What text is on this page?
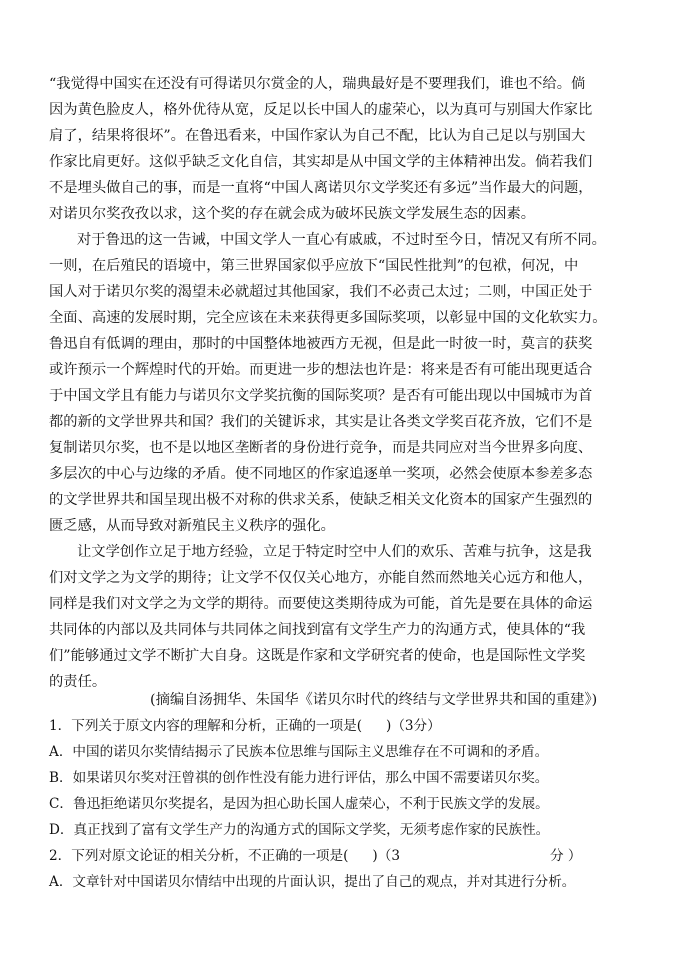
“我觉得中国实在还没有可得诺贝尔赏金的人，瑞典最好是不要理我们，谁也不给。倘
因为黄色脸皮人，格外优待从宽，反足以长中国人的虚荣心，以为真可与别国大作家比
肩了，结果将很坏”。在鲁迅看来，中国作家认为自己不配，比认为自己足以与别国大
作家比肩更好。这似乎缺乏文化自信，其实却是从中国文学的主体精神出发。倘若我们
不是埋头做自己的事，而是一直将“中国人离诺贝尔文学奖还有多远”当作最大的问题，
对诺贝尔奖孜孜以求，这个奖的存在就会成为破坏民族文学发展生态的因素。
对于鲁迅的这一告诫，中国文学人一直心有戚戚，不过时至今日，情况又有所不同。
一则，在后殖民的语境中，第三世界国家似乎应放下“国民性批判”的包袱，何况，中
国人对于诺贝尔奖的渴望未必就超过其他国家，我们不必责己太过；二则，中国正处于
全面、高速的发展时期，完全应该在未来获得更多国际奖项，以彰显中国的文化软实力。
鲁迅自有低调的理由，那时的中国整体地被西方无视，但是此一时彼一时，莫言的获奖
或许预示一个辉煌时代的开始。而更进一步的想法也许是：将来是否有可能出现更适合
于中国文学且有能力与诺贝尔文学奖抗衡的国际奖项？是否有可能出现以中国城市为首
都的新的文学世界共和国？我们的关键诉求，其实是让各类文学奖百花齐放，它们不是
复制诺贝尔奖，也不是以地区垄断者的身份进行竞争，而是共同应对当今世界多向度、
多层次的中心与边缘的矛盾。使不同地区的作家追逐单一奖项，必然会使原本参差多态
的文学世界共和国呈现出极不对称的供求关系，使缺乏相关文化资本的国家产生强烈的
匮乏感，从而导致对新殖民主义秩序的强化。
让文学创作立足于地方经验，立足于特定时空中人们的欢乐、苦难与抗争，这是我
们对文学之为文学的期待；让文学不仅仅关心地方，亦能自然而然地关心远方和他人，
同样是我们对文学之为文学的期待。而要使这类期待成为可能，首先是要在具体的命运
共同体的内部以及共同体与共同体之间找到富有文学生产力的沟通方式，使具体的“我
们”能够通过文学不断扩大自身。这既是作家和文学研究者的使命，也是国际性文学奖
的责任。
(摘编自汤拥华、朱国华《诺贝尔时代的终结与文学世界共和国的重建》)
1．下列关于原文内容的理解和分析，正确的一项是( )（3分）
A．中国的诺贝尔奖情结揭示了民族本位思维与国际主义思维存在不可调和的矛盾。
B．如果诺贝尔奖对汪曾祺的创作性没有能力进行评估，那么中国不需要诺贝尔奖。
C．鲁迅拒绝诺贝尔奖提名，是因为担心助长国人虚荣心，不利于民族文学的发展。
D．真正找到了富有文学生产力的沟通方式的国际文学奖，无须考虑作家的民族性。
2．下列对原文论证的相关分析，不正确的一项是( )（3	分 ）
A．文章针对中国诺贝尔情结中出现的片面认识，提出了自己的观点，并对其进行分析。
